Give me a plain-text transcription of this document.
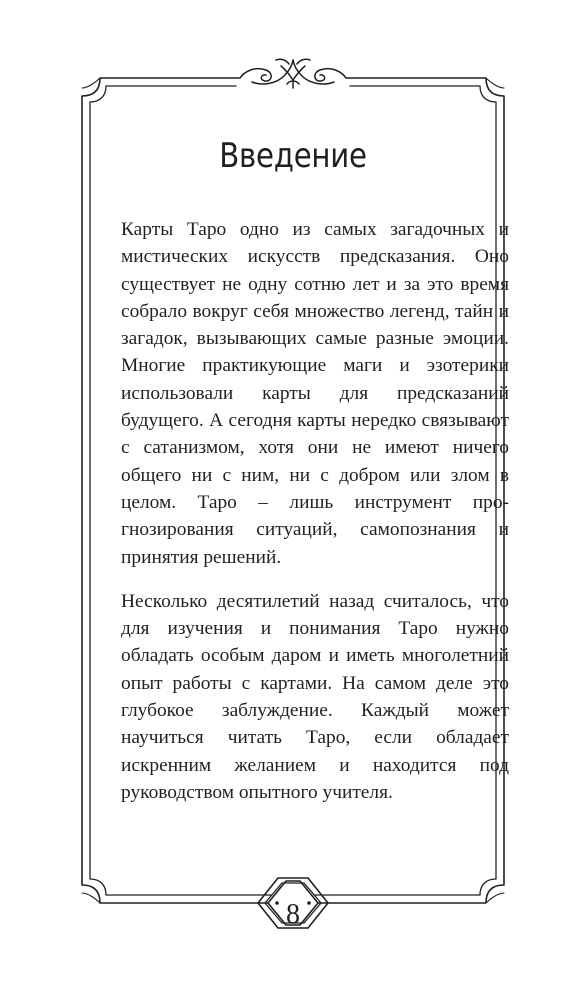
Введение

Карты Таро одно из самых загадочных и мистических искусств предсказания. Оно существует не одну сотню лет и за это время собрало вокруг себя множество легенд, тайн и загадок, вызывающих самые разные эмоции. Многие практикующие маги и эзотерики использовали карты для предсказаний будущего. А сегодня карты нередко связывают с сатанизмом, хотя они не имеют ничего общего ни с ним, ни с добром или злом в целом. Таро – лишь инструмент прогнозирования ситуаций, самопознания и принятия решений.

Несколько десятилетий назад считалось, что для изучения и понимания Таро нужно обладать особым даром и иметь многолетний опыт работы с картами. На самом деле это глубокое заблуждение. Каждый может научиться читать Таро, если обладает искренним желанием и находится под руководством опытного учителя.

8
